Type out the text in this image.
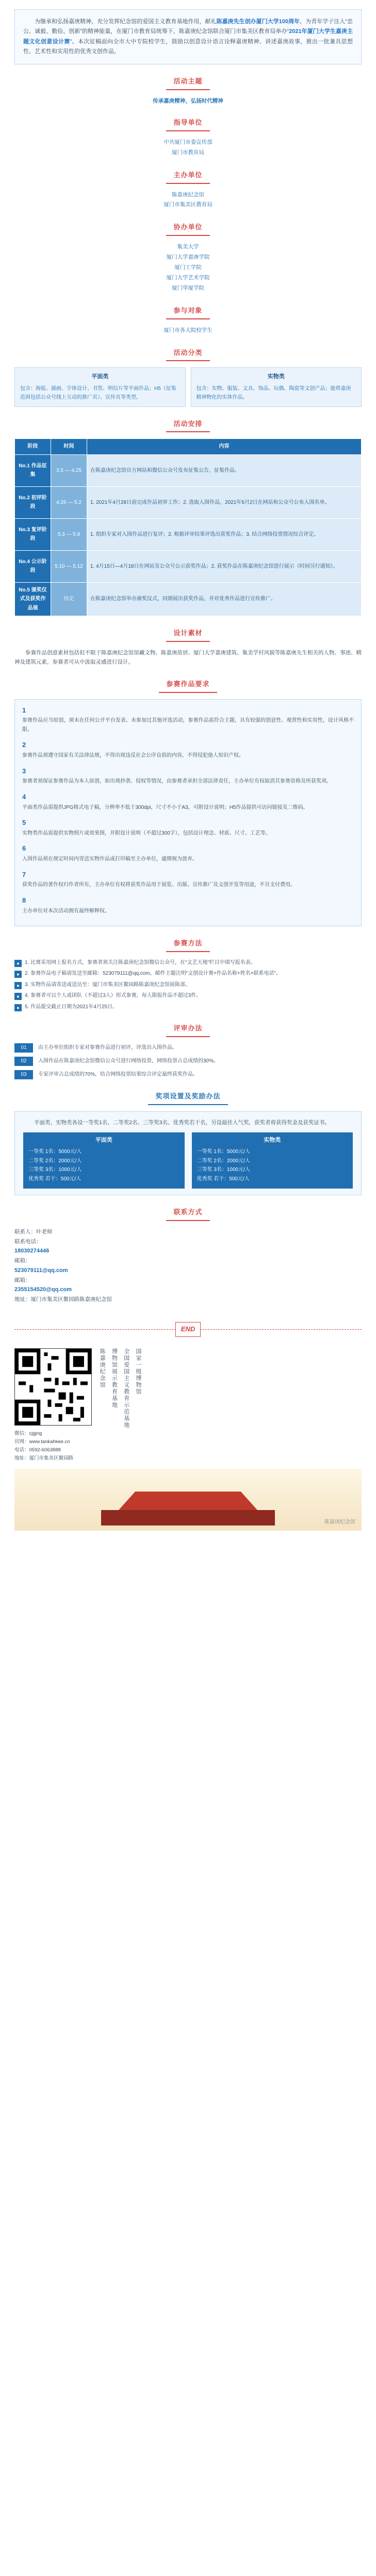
为继承和弘扬嘉庚精神，充分发挥纪念馆的爱国主义教育基地作用，献礼陈嘉庚先生创办厦门大学100周年，为青年学子注入“忠公、诚毅、勤俭、创新”的精神能量，在厦门市教育局统筹下，陈嘉庚纪念馆联合厦门市集美区教育局举办“2021年厦门大学生嘉庚主题文化创意设计赛”。本次征稿面向全市大中专院校学生，鼓励以创意设计语言诠释嘉庚精神、讲述嘉庚故事，推出一批兼具思想性、艺术性和实用性的优秀文创作品。

活动主题
传承嘉庚精神，弘扬时代精神
指导单位
中共厦门市委宣传部
厦门市教育局
主办单位
陈嘉庚纪念馆
厦门市集美区教育局
协办单位
集美大学
厦门大学嘉庚学院
厦门工学院
厦门大学艺术学院
厦门华厦学院
参与对象
厦门市各大院校学生
活动分类
平面类
包含：海报、插画、字体设计、书签、明信片等平面作品；H5（征集范围包括公众号线上互动的推广页）、宣传页等类型。
实物类
包含：实物、服装、文具、饰品、玩偶、陶瓷等文创产品；能将嘉庚精神物化的实体作品。
活动安排
阶段	时间	内容
No.1 作品征集	3.5 — 4.25	在陈嘉庚纪念馆官方网站和微信公众号发布征集公告，征集作品。
No.2 初评阶段	4.26 — 5.2	1. 2021年4月28日前完成作品初审工作；2. 选取入围作品，2021年5月2日在网站和公众号公布入围名单。
No.3 复评阶段	5.3 — 5.9	1. 组织专家对入围作品进行复评；2. 根据评审结果评选出获奖作品；3. 结合网络投票情况综合评定。
No.4 公示阶段	5.10 — 5.12	1. 4月15日—4月18日在网站及公众号公示获奖作品；2. 获奖作品在陈嘉庚纪念馆进行展示（时间另行通知）。
No.5 颁奖仪式及获奖作品展	待定	在陈嘉庚纪念馆举办颁奖仪式，同期展出获奖作品，并对优秀作品进行宣传推广。
设计素材

参赛作品创意素材包括但不限于陈嘉庚纪念馆馆藏文物、陈嘉庚故居、厦门大学嘉庚建筑、集美学村风貌等陈嘉庚先生相关的人物、事迹、精神及建筑元素，参赛者可从中汲取灵感进行设计。

参赛作品要求
1
参赛作品应当原创，须未在任何公开平台发表、未参加过其他评选活动，参赛作品需符合主题，具有较强的创意性、观赏性和实用性，设计风格不限。
2
参赛作品须遵守国家有关法律法规，不得出现违反社会公序良俗的内容，不得侵犯他人知识产权。
3
参赛者须保证参赛作品为本人原创，如出现抄袭、侵权等情况，由参赛者承担全部法律责任，主办单位有权取消其参赛资格及所获奖项。
4
平面类作品需提供JPG格式电子稿，分辨率不低于300dpi，尺寸不小于A3，可附设计说明；H5作品提供可访问链接及二维码。
5
实物类作品需提供实物照片或效果图，并附设计说明（不超过300字），包括设计理念、材质、尺寸、工艺等。
6
入围作品须在规定时间内寄送实物作品或打印稿至主办单位，逾期视为放弃。
7
获奖作品的著作权归作者所有，主办单位有权将获奖作品用于展览、出版、宣传推广及文创开发等用途，不另支付费用。
8
主办单位对本次活动拥有最终解释权。
参赛方法
●	1. 比赛采用网上报名方式，参赛者须关注陈嘉庚纪念馆微信公众号，在“文艺天地”栏目中填写报名表。
●	2. 参赛作品电子稿请发送至邮箱：523079111@qq.com，邮件主题注明“文创设计赛+作品名称+姓名+联系电话”。
●	3. 实物作品请寄送或送达至：厦门市集美区鳌园路陈嘉庚纪念馆展陈部。
●	4. 参赛者可以个人或团队（不超过3人）形式参赛，每人限报作品不超过3件。
●	5. 作品提交截止日期为2021年4月25日。
评审办法
01	由主办单位组织专家对参赛作品进行初评，评选出入围作品。
02	入围作品在陈嘉庚纪念馆微信公众号进行网络投票，网络投票占总成绩的30%。
03	专家评审占总成绩的70%，结合网络投票结果综合评定最终获奖作品。
奖项设置及奖励办法

平面类、实物类各设一等奖1名、二等奖2名、三等奖3名、优秀奖若干名，另设最佳人气奖，获奖者将获得奖金及获奖证书。

平面类
一等奖 1名：5000元/人
二等奖 2名：2000元/人
三等奖 3名：1000元/人
优秀奖 若干：500元/人
实物类
一等奖 1名：5000元/人
二等奖 2名：2000元/人
三等奖 3名：1000元/人
优秀奖 若干：500元/人
联系方式
联系人：叶老师
联系电话：
18030274446
邮箱：
523079111@qq.com
邮箱：
2355154520@qq.com
地址：厦门市集美区鳌园路陈嘉庚纪念馆
END
微信：cjgjng
官网：www.tankahkee.cn
电话：0592-6063888
地址：厦门市集美区鳌园路
陈嘉庚纪念馆	博物馆展示教育基地	全国爱国主义教育示范基地	国家一级博物馆
陈嘉庚纪念馆
